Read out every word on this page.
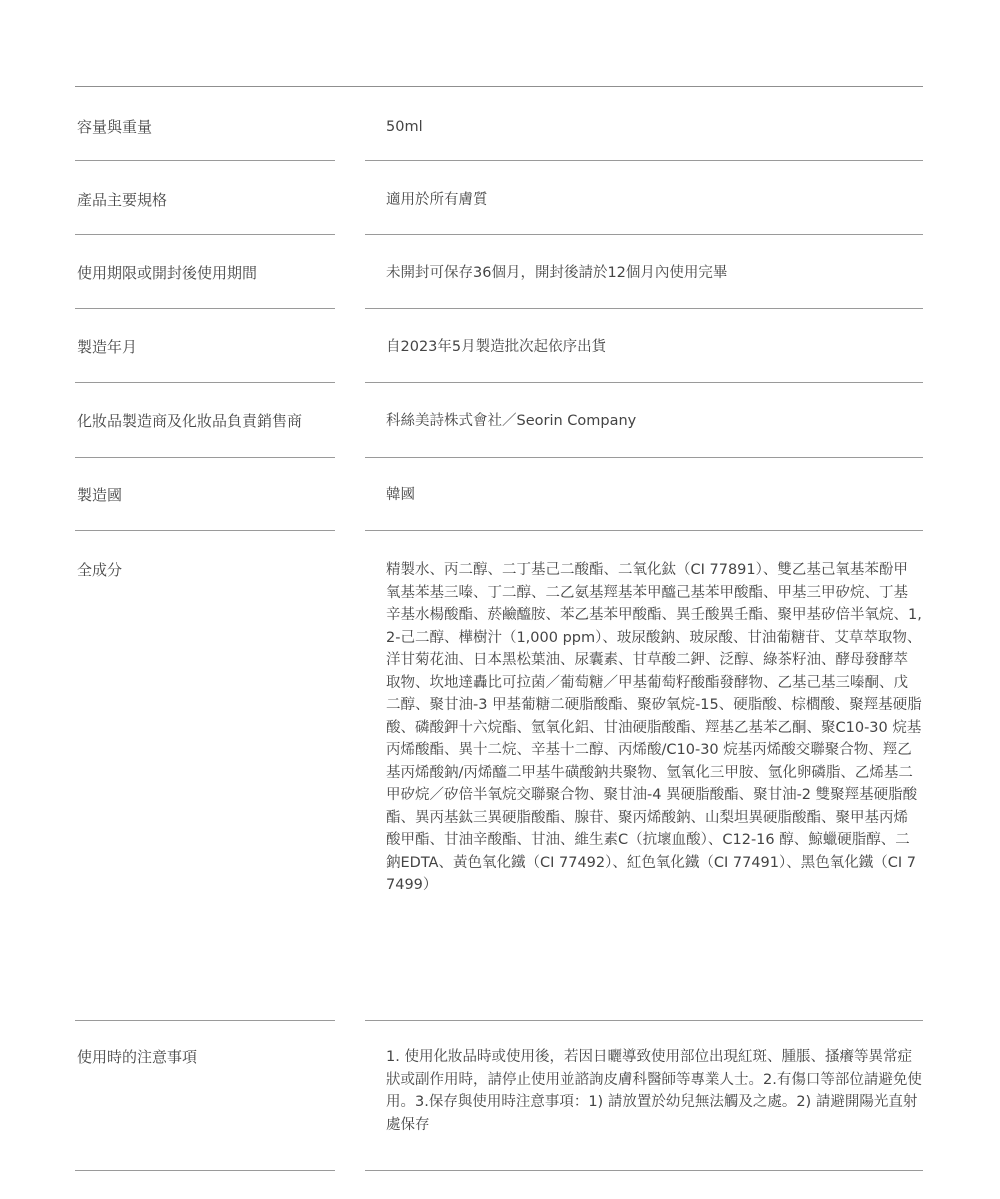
容量與重量	50ml
產品主要規格	適用於所有膚質
使用期限或開封後使用期間	未開封可保存36個月，開封後請於12個月內使用完畢
製造年月	自2023年5月製造批次起依序出貨
化妝品製造商及化妝品負責銷售商	科絲美詩株式會社／Seorin Company
製造國	韓國
全成分	精製水、丙二醇、二丁基己二酸酯、二氧化鈦（CI 77891）、雙乙基己氧基苯酚甲氧基苯基三嗪、丁二醇、二乙氨基羥基苯甲醯己基苯甲酸酯、甲基三甲矽烷、丁基辛基水楊酸酯、菸鹼醯胺、苯乙基苯甲酸酯、異壬酸異壬酯、聚甲基矽倍半氧烷、1,2-己二醇、樺樹汁（1,000 ppm）、玻尿酸鈉、玻尿酸、甘油葡糖苷、艾草萃取物、洋甘菊花油、日本黑松葉油、尿囊素、甘草酸二鉀、泛醇、綠茶籽油、酵母發酵萃取物、坎地達轟比可拉菌／葡萄糖／甲基葡萄籽酸酯發酵物、乙基己基三嗪酮、戊二醇、聚甘油-3 甲基葡糖二硬脂酸酯、聚矽氧烷-15、硬脂酸、棕櫚酸、聚羥基硬脂酸、磷酸鉀十六烷酯、氫氧化鋁、甘油硬脂酸酯、羥基乙基苯乙酮、聚C10-30 烷基丙烯酸酯、異十二烷、辛基十二醇、丙烯酸/C10-30 烷基丙烯酸交聯聚合物、羥乙基丙烯酸鈉/丙烯醯二甲基牛磺酸鈉共聚物、氫氧化三甲胺、氫化卵磷脂、乙烯基二甲矽烷／矽倍半氧烷交聯聚合物、聚甘油-4 異硬脂酸酯、聚甘油-2 雙聚羥基硬脂酸酯、異丙基鈦三異硬脂酸酯、腺苷、聚丙烯酸鈉、山梨坦異硬脂酸酯、聚甲基丙烯酸甲酯、甘油辛酸酯、甘油、維生素C（抗壞血酸）、C12-16 醇、鯨蠟硬脂醇、二鈉EDTA、黃色氧化鐵（CI 77492）、紅色氧化鐵（CI 77491）、黑色氧化鐵（CI 77499）
使用時的注意事項	1. 使用化妝品時或使用後，若因日曬導致使用部位出現紅斑、腫脹、搔癢等異常症狀或副作用時，請停止使用並諮詢皮膚科醫師等專業人士。2.有傷口等部位請避免使用。3.保存與使用時注意事項：1) 請放置於幼兒無法觸及之處。2) 請避開陽光直射處保存
